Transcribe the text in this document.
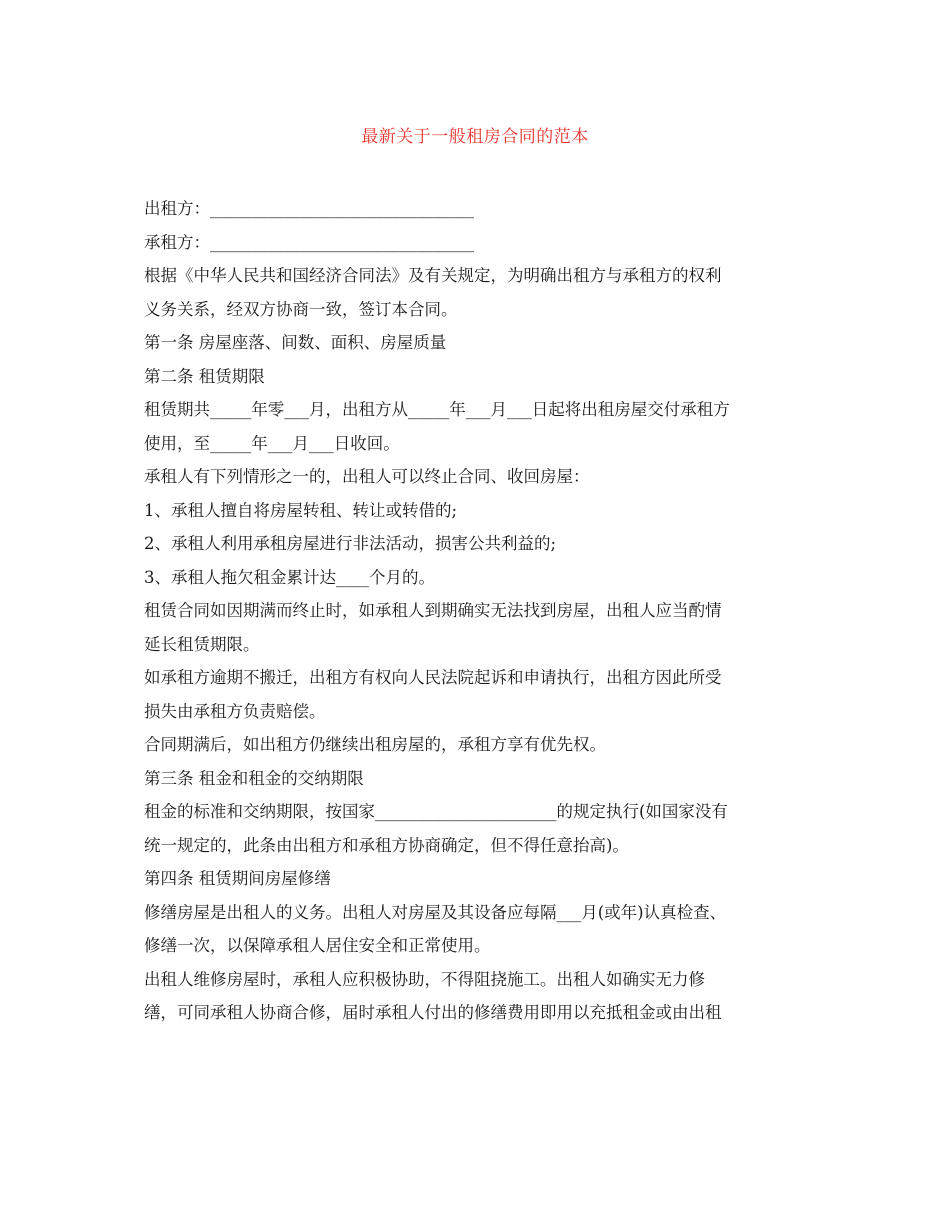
最新关于一般租房合同的范本

出租方：________________________________

承租方：________________________________

根据《中华人民共和国经济合同法》及有关规定，为明确出租方与承租方的权利

义务关系，经双方协商一致，签订本合同。

第一条 房屋座落、间数、面积、房屋质量

第二条 租赁期限

租赁期共_____年零___月，出租方从_____年___月___日起将出租房屋交付承租方

使用，至_____年___月___日收回。

承租人有下列情形之一的，出租人可以终止合同、收回房屋：

1、承租人擅自将房屋转租、转让或转借的;

2、承租人利用承租房屋进行非法活动，损害公共利益的;

3、承租人拖欠租金累计达____个月的。

租赁合同如因期满而终止时，如承租人到期确实无法找到房屋，出租人应当酌情

延长租赁期限。

如承租方逾期不搬迁，出租方有权向人民法院起诉和申请执行，出租方因此所受

损失由承租方负责赔偿。

合同期满后，如出租方仍继续出租房屋的，承租方享有优先权。

第三条 租金和租金的交纳期限

租金的标准和交纳期限，按国家______________________的规定执行(如国家没有

统一规定的，此条由出租方和承租方协商确定，但不得任意抬高)。

第四条 租赁期间房屋修缮

修缮房屋是出租人的义务。出租人对房屋及其设备应每隔___月(或年)认真检查、

修缮一次，以保障承租人居住安全和正常使用。

出租人维修房屋时，承租人应积极协助，不得阻挠施工。出租人如确实无力修

缮，可同承租人协商合修，届时承租人付出的修缮费用即用以充抵租金或由出租
